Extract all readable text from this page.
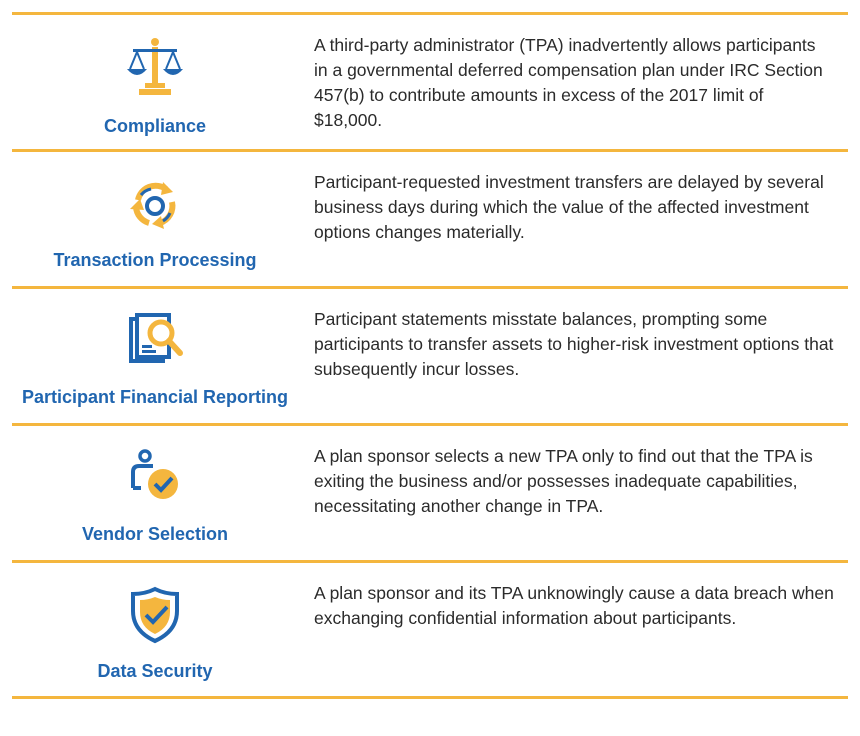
Compliance
A third-party administrator (TPA) inadvertently allows participants in a governmental deferred compensation plan under IRC Section 457(b) to contribute amounts in excess of the 2017 limit of $18,000.
Transaction Processing
Participant-requested investment transfers are delayed by several business days during which the value of the affected investment options changes materially.
Participant Financial Reporting
Participant statements misstate balances, prompting some participants to transfer assets to higher-risk investment options that subsequently incur losses.
Vendor Selection
A plan sponsor selects a new TPA only to find out that the TPA is exiting the business and/or possesses inadequate capabilities, necessitating another change in TPA.
Data Security
A plan sponsor and its TPA unknowingly cause a data breach when exchanging confidential information about participants.
